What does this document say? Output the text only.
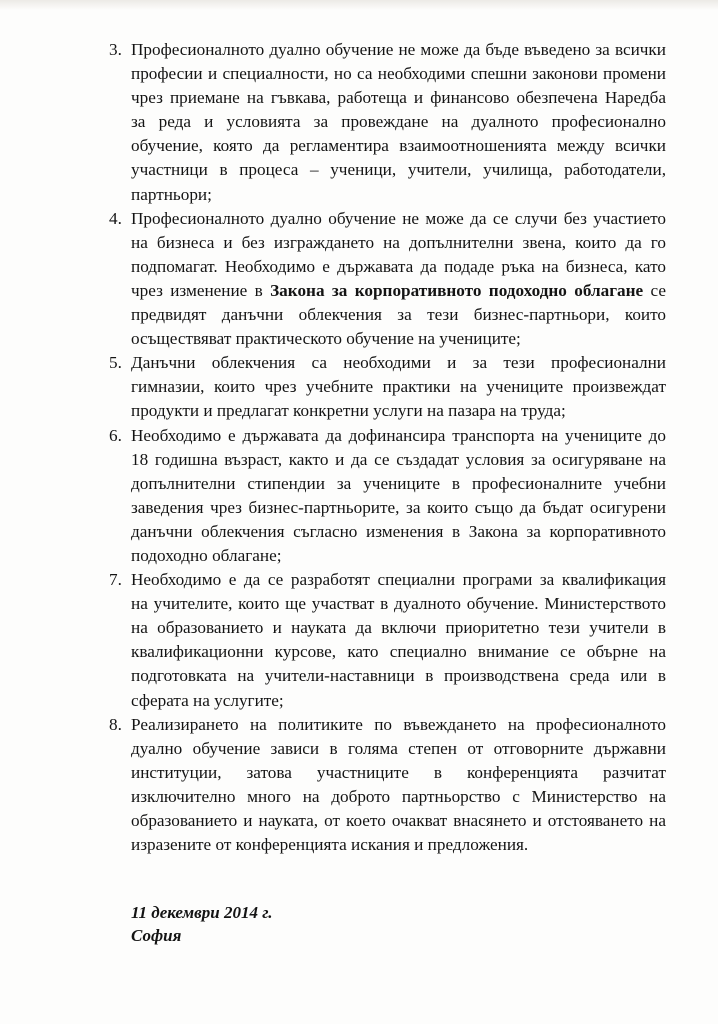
3. Професионалното дуално обучение не може да бъде въведено за всички
професии и специалности, но са необходими спешни законови промени
чрез приемане на гъвкава, работеща и финансово обезпечена Наредба
за реда и условията за провеждане на дуалното професионално
обучение, която да регламентира взаимоотношенията между всички
участници в процеса – ученици, учители, училища, работодатели,
партньори;
4. Професионалното дуално обучение не може да се случи без участието
на бизнеса и без изграждането на допълнителни звена, които да го
подпомагат. Необходимо е държавата да подаде ръка на бизнеса, като
чрез изменение в Закона за корпоративното подоходно облагане се
предвидят данъчни облекчения за тези бизнес-партньори, които
осъществяват практическото обучение на учениците;
5. Данъчни облекчения са необходими и за тези професионални
гимназии, които чрез учебните практики на учениците произвеждат
продукти и предлагат конкретни услуги на пазара на труда;
6. Необходимо е държавата да дофинансира транспорта на учениците до
18 годишна възраст, както и да се създадат условия за осигуряване на
допълнителни стипендии за учениците в професионалните учебни
заведения чрез бизнес-партньорите, за които също да бъдат осигурени
данъчни облекчения съгласно изменения в Закона за корпоративното
подоходно облагане;
7. Необходимо е да се разработят специални програми за квалификация
на учителите, които ще участват в дуалното обучение. Министерството
на образованието и науката да включи приоритетно тези учители в
квалификационни курсове, като специално внимание се обърне на
подготовката на учители-наставници в производствена среда или в
сферата на услугите;
8. Реализирането на политиките по въвеждането на професионалното
дуално обучение зависи в голяма степен от отговорните държавни
институции, затова участниците в конференцията разчитат
изключително много на доброто партньорство с Министерство на
образованието и науката, от което очакват внасянето и отстояването на
изразените от конференцията искания и предложения.
11 декември 2014 г.
София
